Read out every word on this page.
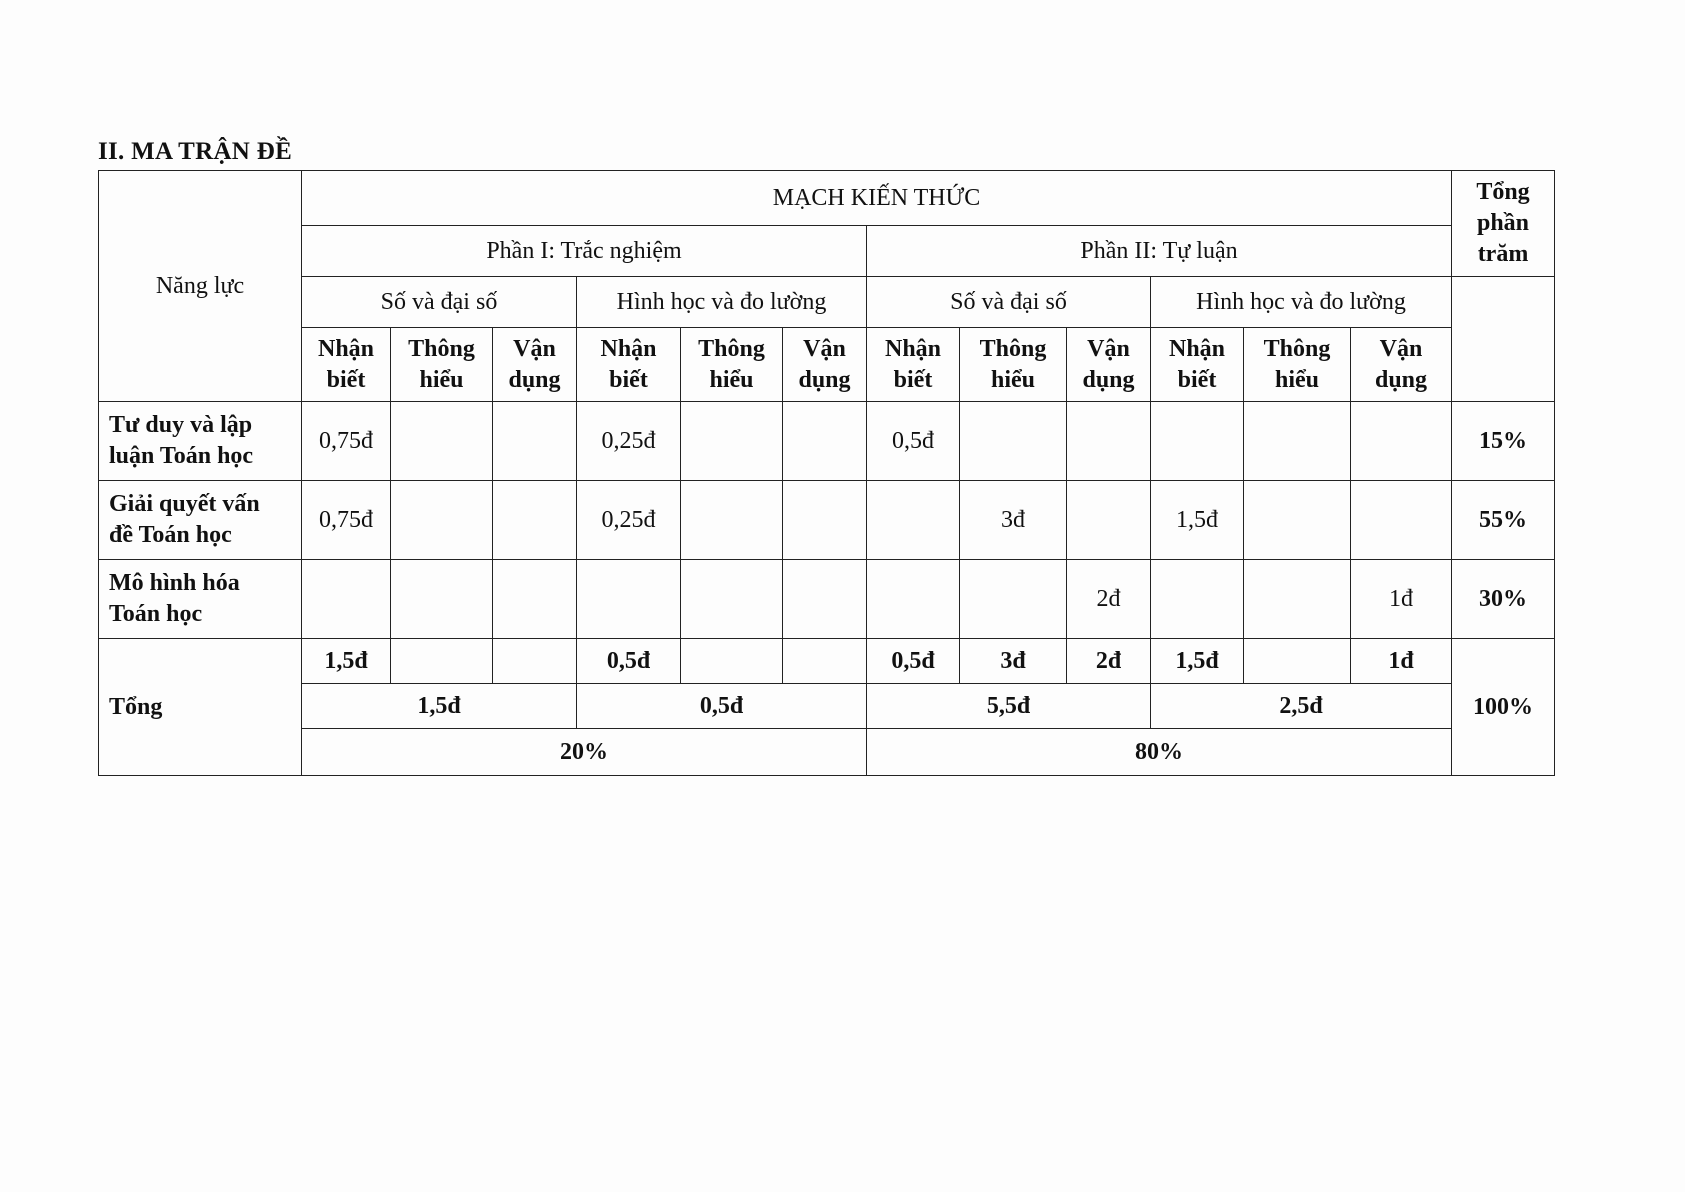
II. MA TRẬN ĐỀ
Năng lực	MẠCH KIẾN THỨC												Tổng
phần
trăm
	Phần I: Trắc nghiệm						Phần II: Tự luận						
	Số và đại số			Hình học và đo lường			Số và đại số			Hình học và đo lường			
	Nhận
biết	Thông
hiểu	Vận
dụng	Nhận
biết	Thông
hiểu	Vận
dụng	Nhận
biết	Thông
hiểu	Vận
dụng	Nhận
biết	Thông
hiểu	Vận
dụng	
Tư duy và lập
luận Toán học	0,75đ			0,25đ			0,5đ						15%
Giải quyết vấn
đề Toán học	0,75đ			0,25đ				3đ		1,5đ			55%
Mô hình hóa
Toán học									2đ			1đ	30%
Tổng	1,5đ			0,5đ			0,5đ	3đ	2đ	1,5đ		1đ	100%
	1,5đ			0,5đ			5,5đ			2,5đ			
	20%						80%						
